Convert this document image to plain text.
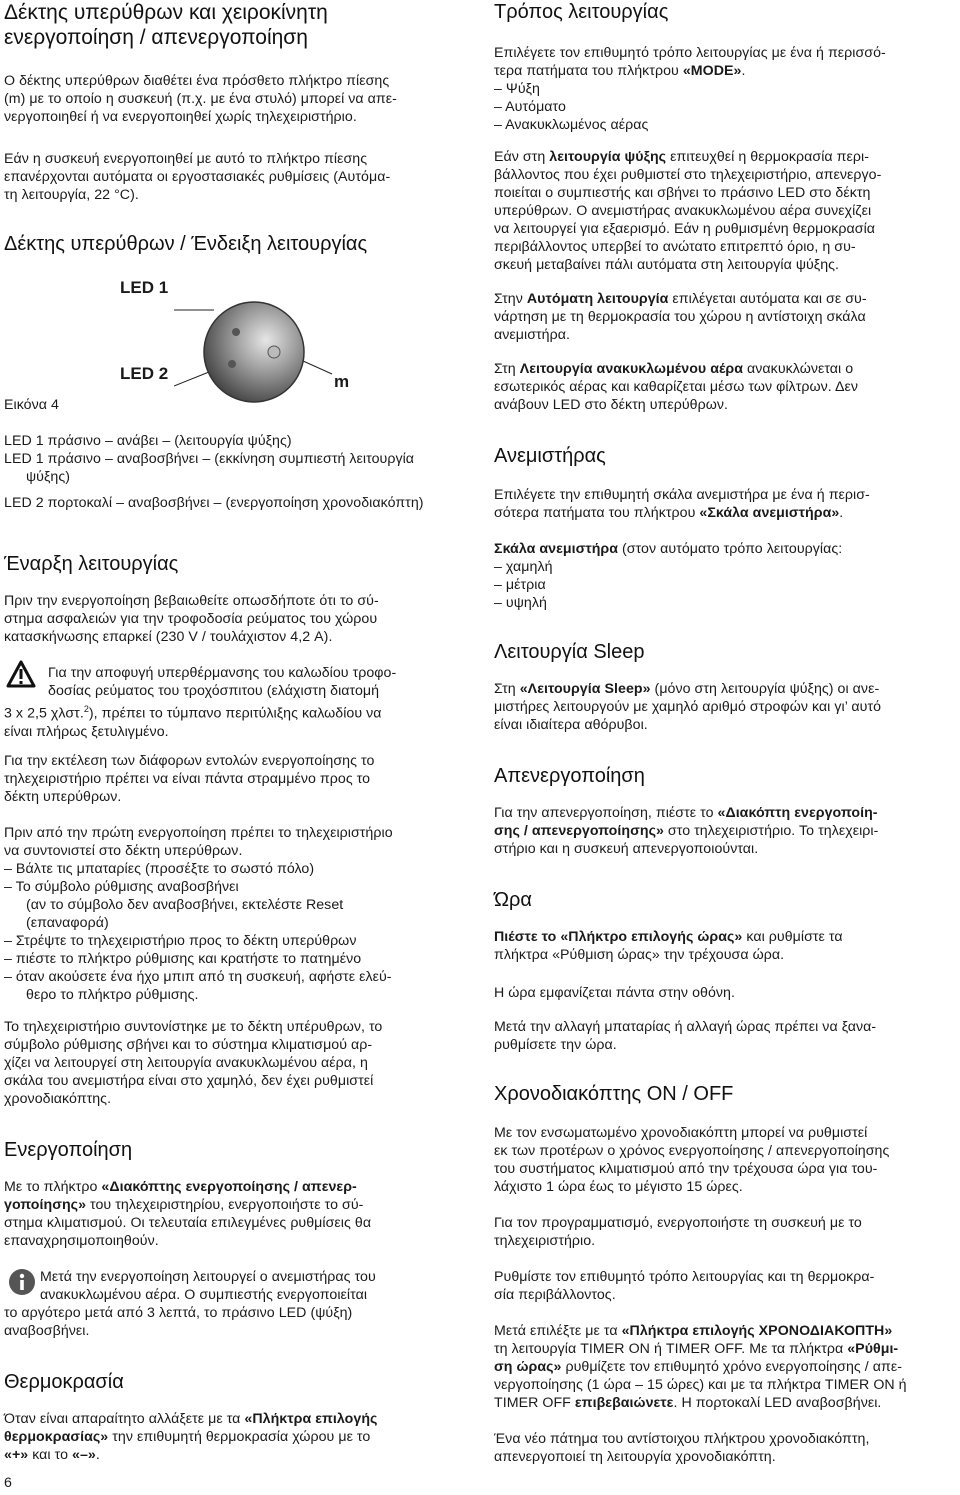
Δέκτης υπερύθρων και χειροκίνητη
ενεργοποίηση / απενεργοποίηση

Ο δέκτης υπερύθρων διαθέτει ένα πρόσθετο πλήκτρο πίεσης

(m) με το οποίο η συσκευή (π.χ. με ένα στυλό) μπορεί να απε-

νεργοποιηθεί ή να ενεργοποιηθεί χωρίς τηλεχειριστήριο.

Εάν η συσκευή ενεργοποιηθεί με αυτό το πλήκτρο πίεσης

επανέρχονται αυτόματα οι εργοστασιακές ρυθμίσεις (Αυτόμα-

τη λειτουργία, 22 °C).

Δέκτης υπερύθρων / Ένδειξη λειτουργίας
LED 1
LED 2	m
Εικόνα 4

LED 1 πράσινο – ανάβει – (λειτουργία ψύξης)

LED 1 πράσινο – αναβοσβήνει – (εκκίνηση συμπιεστή λειτουργία

ψύξης)

LED 2 πορτοκαλί – αναβοσβήνει – (ενεργοποίηση χρονοδιακόπτη)

Έναρξη λειτουργίας

Πριν την ενεργοποίηση βεβαιωθείτε οπωσδήποτε ότι το σύ-

στημα ασφαλειών για την τροφοδοσία ρεύματος του χώρου

κατασκήνωσης επαρκεί (230 V / τουλάχιστον 4,2 A).

Για την αποφυγή υπερθέρμανσης του καλωδίου τροφο-

δοσίας ρεύματος του τροχόσπιτου (ελάχιστη διατομή

3 x 2,5 χλστ.$^2$), πρέπει το τύμπανο περιτύλιξης καλωδίου να

είναι πλήρως ξετυλιγμένο.

Για την εκτέλεση των διάφορων εντολών ενεργοποίησης το

τηλεχειριστήριο πρέπει να είναι πάντα στραμμένο προς το

δέκτη υπερύθρων.

Πριν από την πρώτη ενεργοποίηση πρέπει το τηλεχειριστήριο

να συντονιστεί στο δέκτη υπερύθρων.

– Βάλτε τις μπαταρίες (προσέξτε το σωστό πόλο)

– Το σύμβολο ρύθμισης αναβοσβήνει

(αν το σύμβολο δεν αναβοσβήνει, εκτελέστε Reset

(επαναφορά)

– Στρέψτε το τηλεχειριστήριο προς το δέκτη υπερύθρων

– πιέστε το πλήκτρο ρύθμισης και κρατήστε το πατημένο

– όταν ακούσετε ένα ήχο μπιπ από τη συσκευή, αφήστε ελεύ-

θερο το πλήκτρο ρύθμισης.

Το τηλεχειριστήριο συντονίστηκε με το δέκτη υπέρυθρων, το

σύμβολο ρύθμισης σβήνει και το σύστημα κλιματισμού αρ-

χίζει να λειτουργεί στη λειτουργία ανακυκλωμένου αέρα, η

σκάλα του ανεμιστήρα είναι στο χαμηλό, δεν έχει ρυθμιστεί

χρονοδιακόπτης.

Ενεργοποίηση

Με το πλήκτρο «Διακόπτης ενεργοποίησης / απενερ-

γοποίησης» του τηλεχειριστηρίου, ενεργοποιήστε το σύ-

στημα κλιματισμού. Οι τελευταία επιλεγμένες ρυθμίσεις θα

επαναχρησιμοποιηθούν.

Μετά την ενεργοποίηση λειτουργεί ο ανεμιστήρας του

ανακυκλωμένου αέρα. Ο συμπιεστής ενεργοποιείται

το αργότερο μετά από 3 λεπτά, το πράσινο LED (ψύξη)

αναβοσβήνει.

Θερμοκρασία

Όταν είναι απαραίτητο αλλάξετε με τα «Πλήκτρα επιλογής

θερμοκρασίας» την επιθυμητή θερμοκρασία χώρου με το

«+» και το «–».

6
Τρόπος λειτουργίας

Επιλέγετε τον επιθυμητό τρόπο λειτουργίας με ένα ή περισσό-

τερα πατήματα του πλήκτρου «MODE».

– Ψύξη

– Αυτόματο

– Ανακυκλωμένος αέρας

Εάν στη λειτουργία ψύξης επιτευχθεί η θερμοκρασία περι-

βάλλοντος που έχει ρυθμιστεί στο τηλεχειριστήριο, απενεργο-

ποιείται ο συμπιεστής και σβήνει το πράσινο LED στο δέκτη

υπερύθρων. Ο ανεμιστήρας ανακυκλωμένου αέρα συνεχίζει

να λειτουργεί για εξαερισμό. Εάν η ρυθμισμένη θερμοκρασία

περιβάλλοντος υπερβεί το ανώτατο επιτρεπτό όριο, η συ-

σκευή μεταβαίνει πάλι αυτόματα στη λειτουργία ψύξης.

Στην Αυτόματη λειτουργία επιλέγεται αυτόματα και σε συ-

νάρτηση με τη θερμοκρασία του χώρου η αντίστοιχη σκάλα

ανεμιστήρα.

Στη Λειτουργία ανακυκλωμένου αέρα ανακυκλώνεται ο

εσωτερικός αέρας και καθαρίζεται μέσω των φίλτρων. Δεν

ανάβουν LED στο δέκτη υπερύθρων.

Ανεμιστήρας

Επιλέγετε την επιθυμητή σκάλα ανεμιστήρα με ένα ή περισ-

σότερα πατήματα του πλήκτρου «Σκάλα ανεμιστήρα».

Σκάλα ανεμιστήρα (στον αυτόματο τρόπο λειτουργίας:

– χαμηλή

– μέτρια

– υψηλή

Λειτουργία Sleep

Στη «Λειτουργία Sleep» (μόνο στη λειτουργία ψύξης) οι ανε-

μιστήρες λειτουργούν με χαμηλό αριθμό στροφών και γι’ αυτό

είναι ιδιαίτερα αθόρυβοι.

Απενεργοποίηση

Για την απενεργοποίηση, πιέστε το «Διακόπτη ενεργοποίη-

σης / απενεργοποίησης» στο τηλεχειριστήριο. Το τηλεχειρι-

στήριο και η συσκευή απενεργοποιούνται.

Ώρα

Πιέστε το «Πλήκτρο επιλογής ώρας» και ρυθμίστε τα

πλήκτρα «Ρύθμιση ώρας» την τρέχουσα ώρα.

Η ώρα εμφανίζεται πάντα στην οθόνη.

Μετά την αλλαγή μπαταρίας ή αλλαγή ώρας πρέπει να ξανα-

ρυθμίσετε την ώρα.

Χρονοδιακόπτης ON / OFF

Με τον ενσωματωμένο χρονοδιακόπτη μπορεί να ρυθμιστεί

εκ των προτέρων ο χρόνος ενεργοποίησης / απενεργοποίησης

του συστήματος κλιματισμού από την τρέχουσα ώρα για του-

λάχιστο 1 ώρα έως το μέγιστο 15 ώρες.

Για τον προγραμματισμό, ενεργοποιήστε τη συσκευή με το

τηλεχειριστήριο.

Ρυθμίστε τον επιθυμητό τρόπο λειτουργίας και τη θερμοκρα-

σία περιβάλλοντος.

Μετά επιλέξτε με τα «Πλήκτρα επιλογής ΧΡΟΝΟΔΙΑΚΟΠΤΗ»

τη λειτουργία TIMER ON ή TIMER OFF. Με τα πλήκτρα «Ρύθμι-

ση ώρας» ρυθμίζετε τον επιθυμητό χρόνο ενεργοποίησης / απε-

νεργοποίησης (1 ώρα – 15 ώρες) και με τα πλήκτρα TIMER ON ή

TIMER OFF επιβεβαιώνετε. Η πορτοκαλί LED αναβοσβήνει.

Ένα νέο πάτημα του αντίστοιχου πλήκτρου χρονοδιακόπτη,

απενεργοποιεί τη λειτουργία χρονοδιακόπτη.
